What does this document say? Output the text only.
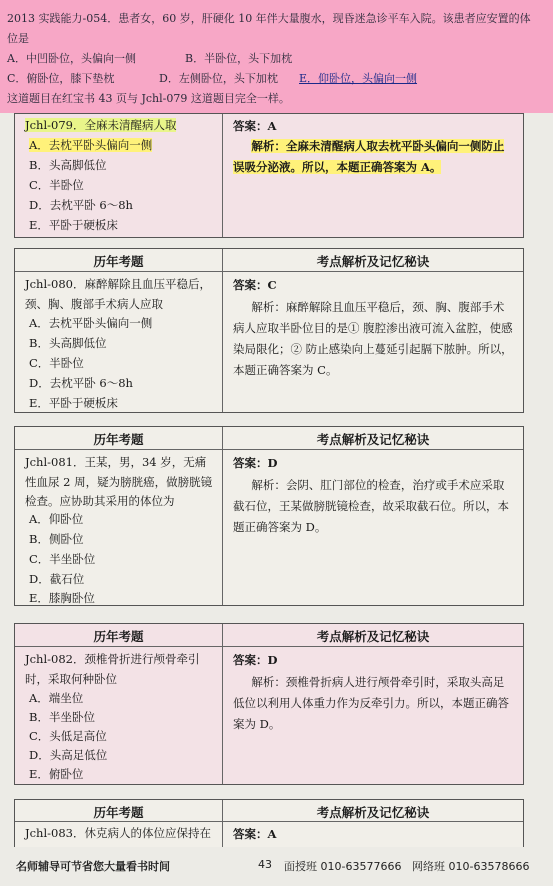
2013 实践能力-054．患者女，60 岁，肝硬化 10 年伴大量腹水，现昏迷急诊平车入院。该患者应安置的体位是

A．中凹卧位，头偏向一侧	B．半卧位，头下加枕
C．俯卧位，膝下垫枕	D．左侧卧位，头下加枕 E．仰卧位，头偏向一侧
这道题目在红宝书 43 页与 Jchl-079 这道题目完全一样。
Jchl-079．全麻未清醒病人取
A．去枕平卧头偏向一侧
B．头高脚低位
C．半卧位
D．去枕平卧 6～8h
E．平卧于硬板床
答案：A
解析：全麻未清醒病人取去枕平卧头偏向一侧防止误吸分泌液。所以，本题正确答案为 A。
历年考题	考点解析及记忆秘诀
Jchl-080．麻醉解除且血压平稳后，颈、胸、腹部手术病人应取
A．去枕平卧头偏向一侧
B．头高脚低位
C．半卧位
D．去枕平卧 6～8h
E．平卧于硬板床
答案：C
解析：麻醉解除且血压平稳后，颈、胸、腹部手术病人应取半卧位目的是① 腹腔渗出液可流入盆腔，使感染局限化；② 防止感染向上蔓延引起膈下脓肿。所以，本题正确答案为 C。
历年考题	考点解析及记忆秘诀
Jchl-081．王某，男，34 岁，无痛性血尿 2 周，疑为膀胱癌，做膀胱镜检查。应协助其采用的体位为
A．仰卧位
B．侧卧位
C．半坐卧位
D．截石位
E．膝胸卧位
答案：D
解析：会阴、肛门部位的检查，治疗或手术应采取截石位，王某做膀胱镜检查，故采取截石位。所以，本题正确答案为 D。
历年考题	考点解析及记忆秘诀
Jchl-082．颈椎骨折进行颅骨牵引时，采取何种卧位
A．端坐位
B．半坐卧位
C．头低足高位
D．头高足低位
E．俯卧位
答案：D
解析：颈椎骨折病人进行颅骨牵引时，采取头高足低位以利用人体重力作为反牵引力。所以，本题正确答案为 D。
历年考题	考点解析及记忆秘诀
Jchl-083．休克病人的体位应保持在	答案：A
名师辅导可节省您大量看书时间	43 面授班 010-63577666 网络班 010-63578666
